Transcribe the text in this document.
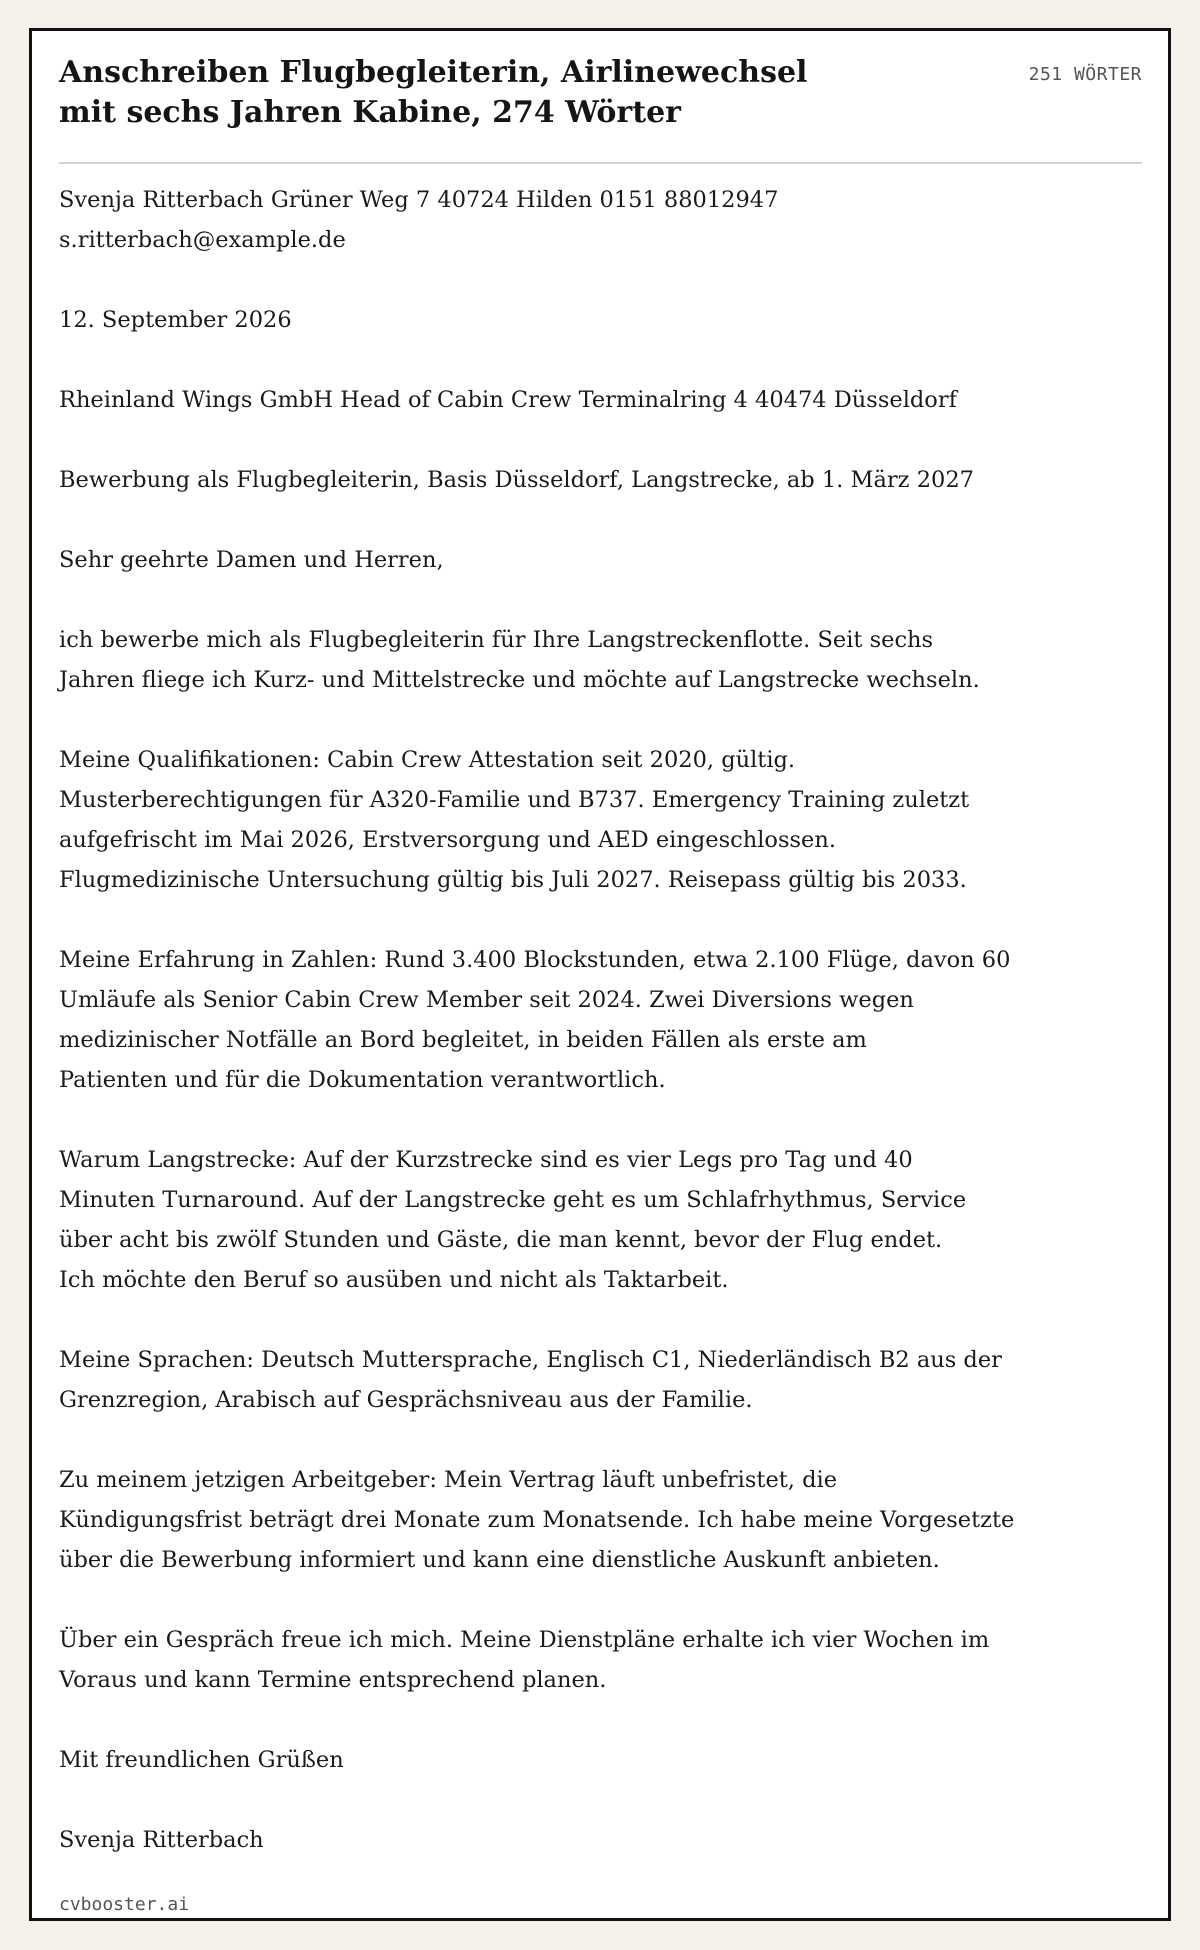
Anschreiben Flugbegleiterin, Airlinewechsel
mit sechs Jahren Kabine, 274 Wörter
251 WÖRTER

Svenja Ritterbach Grüner Weg 7 40724 Hilden 0151 88012947
s.ritterbach@example.de

12. September 2026

Rheinland Wings GmbH Head of Cabin Crew Terminalring 4 40474 Düsseldorf

Bewerbung als Flugbegleiterin, Basis Düsseldorf, Langstrecke, ab 1. März 2027

Sehr geehrte Damen und Herren,

ich bewerbe mich als Flugbegleiterin für Ihre Langstreckenflotte. Seit sechs
Jahren fliege ich Kurz- und Mittelstrecke und möchte auf Langstrecke wechseln.

Meine Qualifikationen: Cabin Crew Attestation seit 2020, gültig.
Musterberechtigungen für A320-Familie und B737. Emergency Training zuletzt
aufgefrischt im Mai 2026, Erstversorgung und AED eingeschlossen.
Flugmedizinische Untersuchung gültig bis Juli 2027. Reisepass gültig bis 2033.

Meine Erfahrung in Zahlen: Rund 3.400 Blockstunden, etwa 2.100 Flüge, davon 60
Umläufe als Senior Cabin Crew Member seit 2024. Zwei Diversions wegen
medizinischer Notfälle an Bord begleitet, in beiden Fällen als erste am
Patienten und für die Dokumentation verantwortlich.

Warum Langstrecke: Auf der Kurzstrecke sind es vier Legs pro Tag und 40
Minuten Turnaround. Auf der Langstrecke geht es um Schlafrhythmus, Service
über acht bis zwölf Stunden und Gäste, die man kennt, bevor der Flug endet.
Ich möchte den Beruf so ausüben und nicht als Taktarbeit.

Meine Sprachen: Deutsch Muttersprache, Englisch C1, Niederländisch B2 aus der
Grenzregion, Arabisch auf Gesprächsniveau aus der Familie.

Zu meinem jetzigen Arbeitgeber: Mein Vertrag läuft unbefristet, die
Kündigungsfrist beträgt drei Monate zum Monatsende. Ich habe meine Vorgesetzte
über die Bewerbung informiert und kann eine dienstliche Auskunft anbieten.

Über ein Gespräch freue ich mich. Meine Dienstpläne erhalte ich vier Wochen im
Voraus und kann Termine entsprechend planen.

Mit freundlichen Grüßen

Svenja Ritterbach

cvbooster.ai
